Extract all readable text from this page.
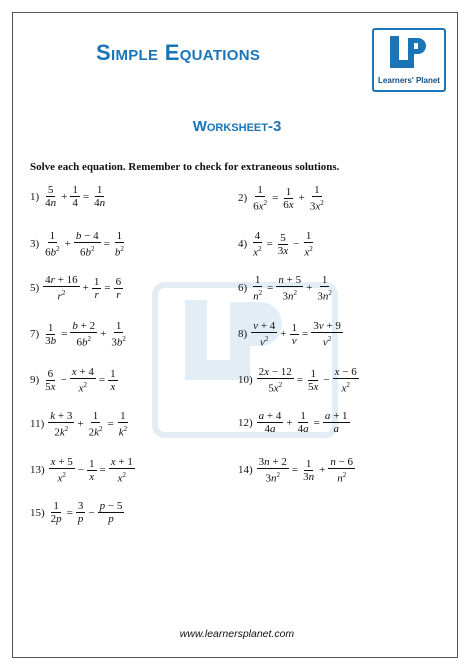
Simple Equations
Learners' Planet
Worksheet-3
Solve each equation. Remember to check for extraneous solutions.
$1) \frac{5}{4n} + \frac{1}{4} = \frac{1}{4n}$	$2) \frac{1}{6x^2} = \frac{1}{6x} + \frac{1}{3x^2}$
$3) \frac{1}{6b^2} + \frac{b - 4}{6b^2} = \frac{1}{b^2}$	$4) \frac{4}{x^2} = \frac{5}{3x} - \frac{1}{x^2}$
$5) \frac{4r + 16}{r^2} + \frac{1}{r} = \frac{6}{r}$	$6) \frac{1}{n^2} = \frac{n + 5}{3n^2} + \frac{1}{3n^2}$
$7) \frac{1}{3b} = \frac{b + 2}{6b^2} + \frac{1}{3b^2}$	$8) \frac{v + 4}{v^2} + \frac{1}{v} = \frac{3v + 9}{v^2}$
$9) \frac{6}{5x} - \frac{x + 4}{x^2} = \frac{1}{x}$	$10) \frac{2x - 12}{5x^2} = \frac{1}{5x} - \frac{x - 6}{x^2}$
$11) \frac{k + 3}{2k^2} + \frac{1}{2k^2} = \frac{1}{k^2}$	$12) \frac{a + 4}{4a} + \frac{1}{4a} = \frac{a + 1}{a}$
$13) \frac{x + 5}{x^2} - \frac{1}{x} = \frac{x + 1}{x^2}$	$14) \frac{3n + 2}{3n^2} = \frac{1}{3n} + \frac{n - 6}{n^2}$
$15) \frac{1}{2p} = \frac{3}{p} - \frac{p - 5}{p}$
www.learnersplanet.com
